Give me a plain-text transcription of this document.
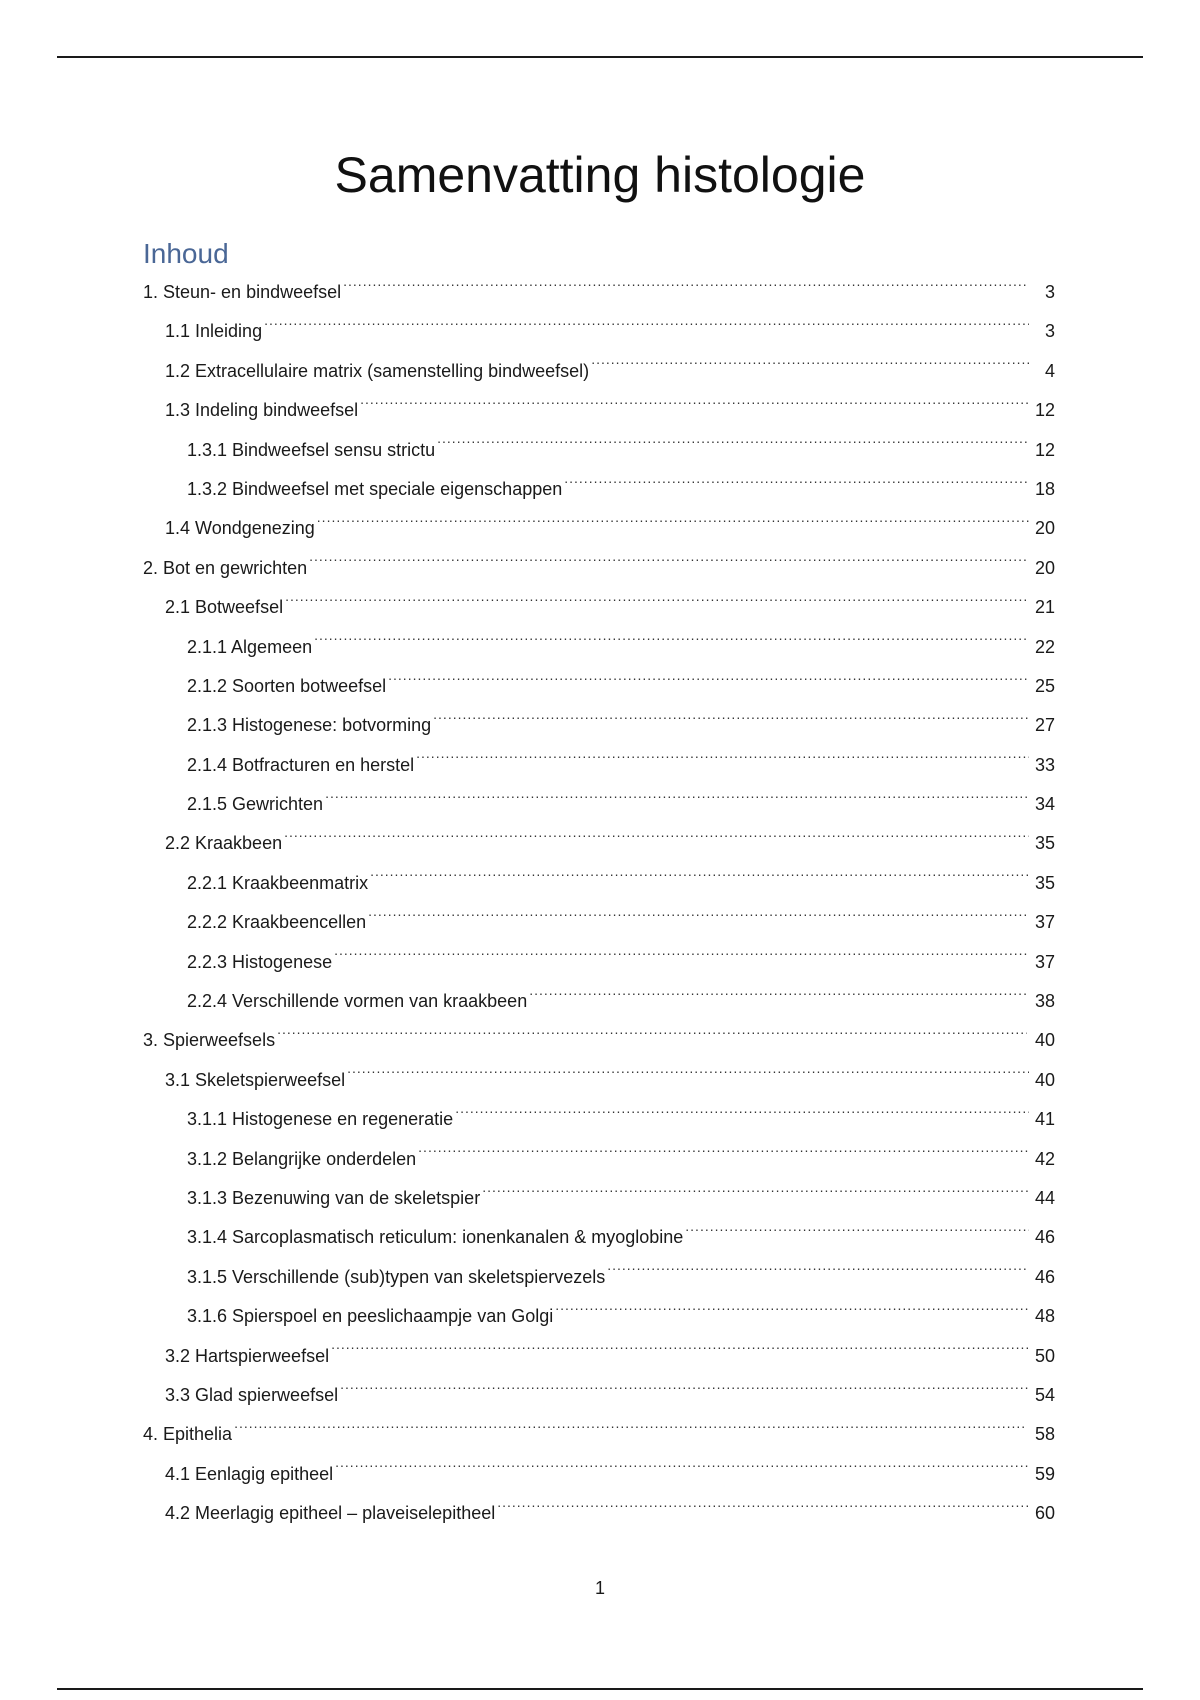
Samenvatting histologie
Inhoud
1. Steun- en bindweefsel .....	3
1.1 Inleiding .....	3
1.2 Extracellulaire matrix (samenstelling bindweefsel) .....	4
1.3 Indeling bindweefsel .....	12
1.3.1 Bindweefsel sensu strictu .....	12
1.3.2 Bindweefsel met speciale eigenschappen .....	18
1.4 Wondgenezing .....	20
2. Bot en gewrichten .....	20
2.1 Botweefsel .....	21
2.1.1 Algemeen .....	22
2.1.2 Soorten botweefsel .....	25
2.1.3 Histogenese: botvorming .....	27
2.1.4 Botfracturen en herstel .....	33
2.1.5 Gewrichten .....	34
2.2 Kraakbeen .....	35
2.2.1 Kraakbeenmatrix .....	35
2.2.2 Kraakbeencellen .....	37
2.2.3 Histogenese .....	37
2.2.4 Verschillende vormen van kraakbeen .....	38
3. Spierweefsels .....	40
3.1 Skeletspierweefsel .....	40
3.1.1 Histogenese en regeneratie .....	41
3.1.2 Belangrijke onderdelen .....	42
3.1.3 Bezenuwing van de skeletspier .....	44
3.1.4 Sarcoplasmatisch reticulum: ionenkanalen & myoglobine .....	46
3.1.5 Verschillende (sub)typen van skeletspiervezels .....	46
3.1.6 Spierspoel en peeslichaampje van Golgi .....	48
3.2 Hartspierweefsel .....	50
3.3 Glad spierweefsel .....	54
4. Epithelia .....	58
4.1 Eenlagig epitheel .....	59
4.2 Meerlagig epitheel – plaveiselepitheel .....	60
1
